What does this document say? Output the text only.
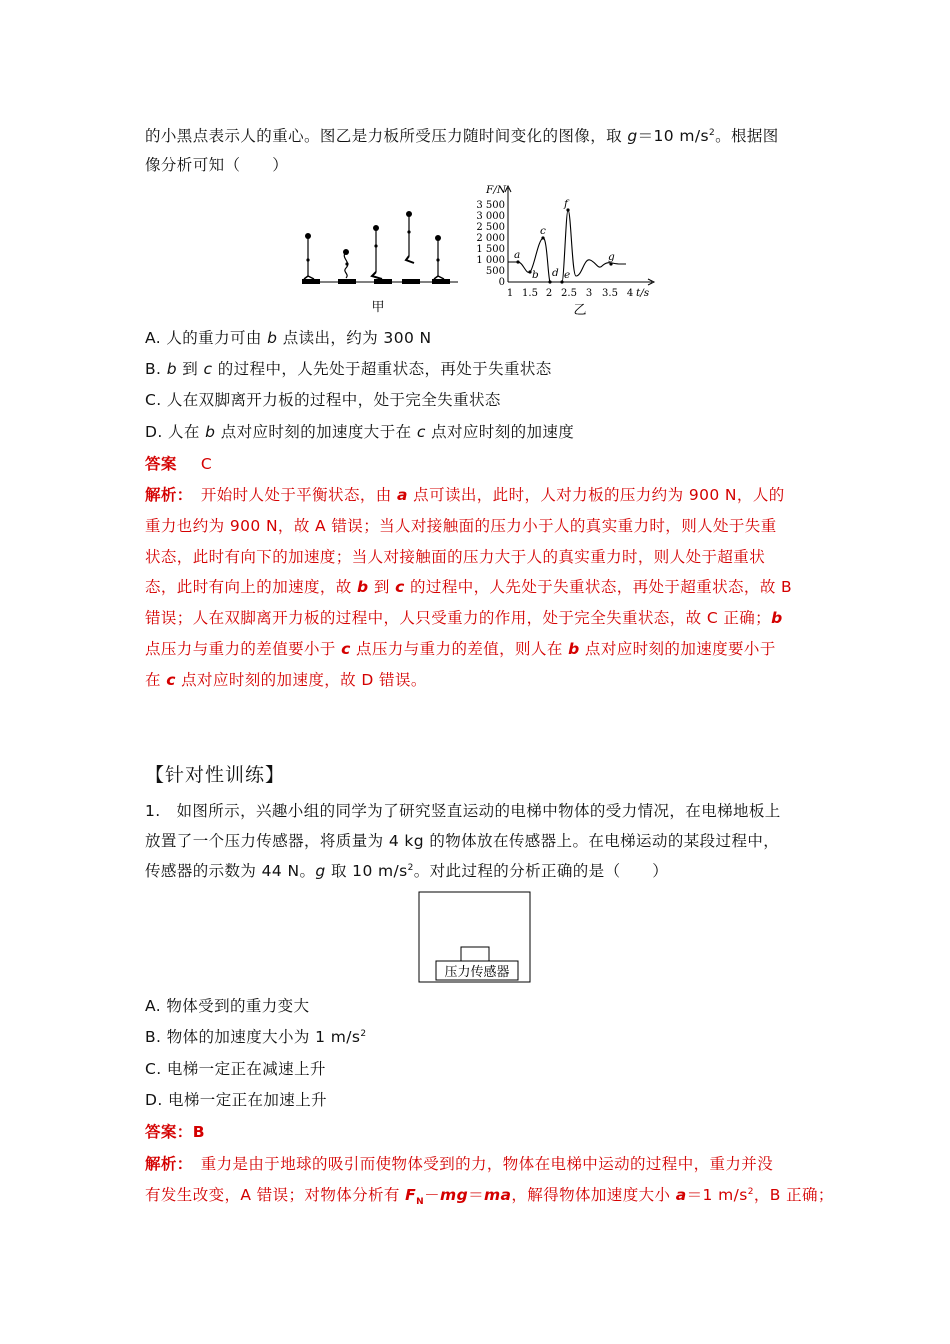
的小黑点表示人的重心。图乙是力板所受压力随时间变化的图像，取 g＝10 $m/s^2$。根据图
像分析可知（　　）
甲
F/N
3 500
3 000
2 500
2 000
1 500
1 000
500
0
1 1.5 2 2.5 3 3.5 4 t/s
a
b
c
d e
f
g
乙
A. 人的重力可由 b 点读出，约为 300 N
B. b 到 c 的过程中，人先处于超重状态，再处于失重状态
C. 人在双脚离开力板的过程中，处于完全失重状态
D. 人在 b 点对应时刻的加速度大于在 c 点对应时刻的加速度
答案 C
解析：　开始时人处于平衡状态，由 a 点可读出，此时，人对力板的压力约为 900 N，人的
重力也约为 900 N，故 A 错误；当人对接触面的压力小于人的真实重力时，则人处于失重
状态，此时有向下的加速度；当人对接触面的压力大于人的真实重力时，则人处于超重状
态，此时有向上的加速度，故 b 到 c 的过程中，人先处于失重状态，再处于超重状态，故 B
错误；人在双脚离开力板的过程中，人只受重力的作用，处于完全失重状态，故 C 正确；b
点压力与重力的差值要小于 c 点压力与重力的差值，则人在 b 点对应时刻的加速度要小于
在 c 点对应时刻的加速度，故 D 错误。
【针对性训练】
1.　如图所示，兴趣小组的同学为了研究竖直运动的电梯中物体的受力情况，在电梯地板上
放置了一个压力传感器，将质量为 4 kg 的物体放在传感器上。在电梯运动的某段过程中，
传感器的示数为 44 N。g 取 10 $m/s^2$。对此过程的分析正确的是（　　）
压力传感器
A. 物体受到的重力变大
B. 物体的加速度大小为 1 $m/s^2$
C. 电梯一定正在减速上升
D. 电梯一定正在加速上升
答案：B
解析： 重力是由于地球的吸引而使物体受到的力，物体在电梯中运动的过程中，重力并没
有发生改变，A 错误；对物体分析有 $F_N-mg=ma$，解得物体加速度大小 a＝1 $m/s^2$，B 正确；
